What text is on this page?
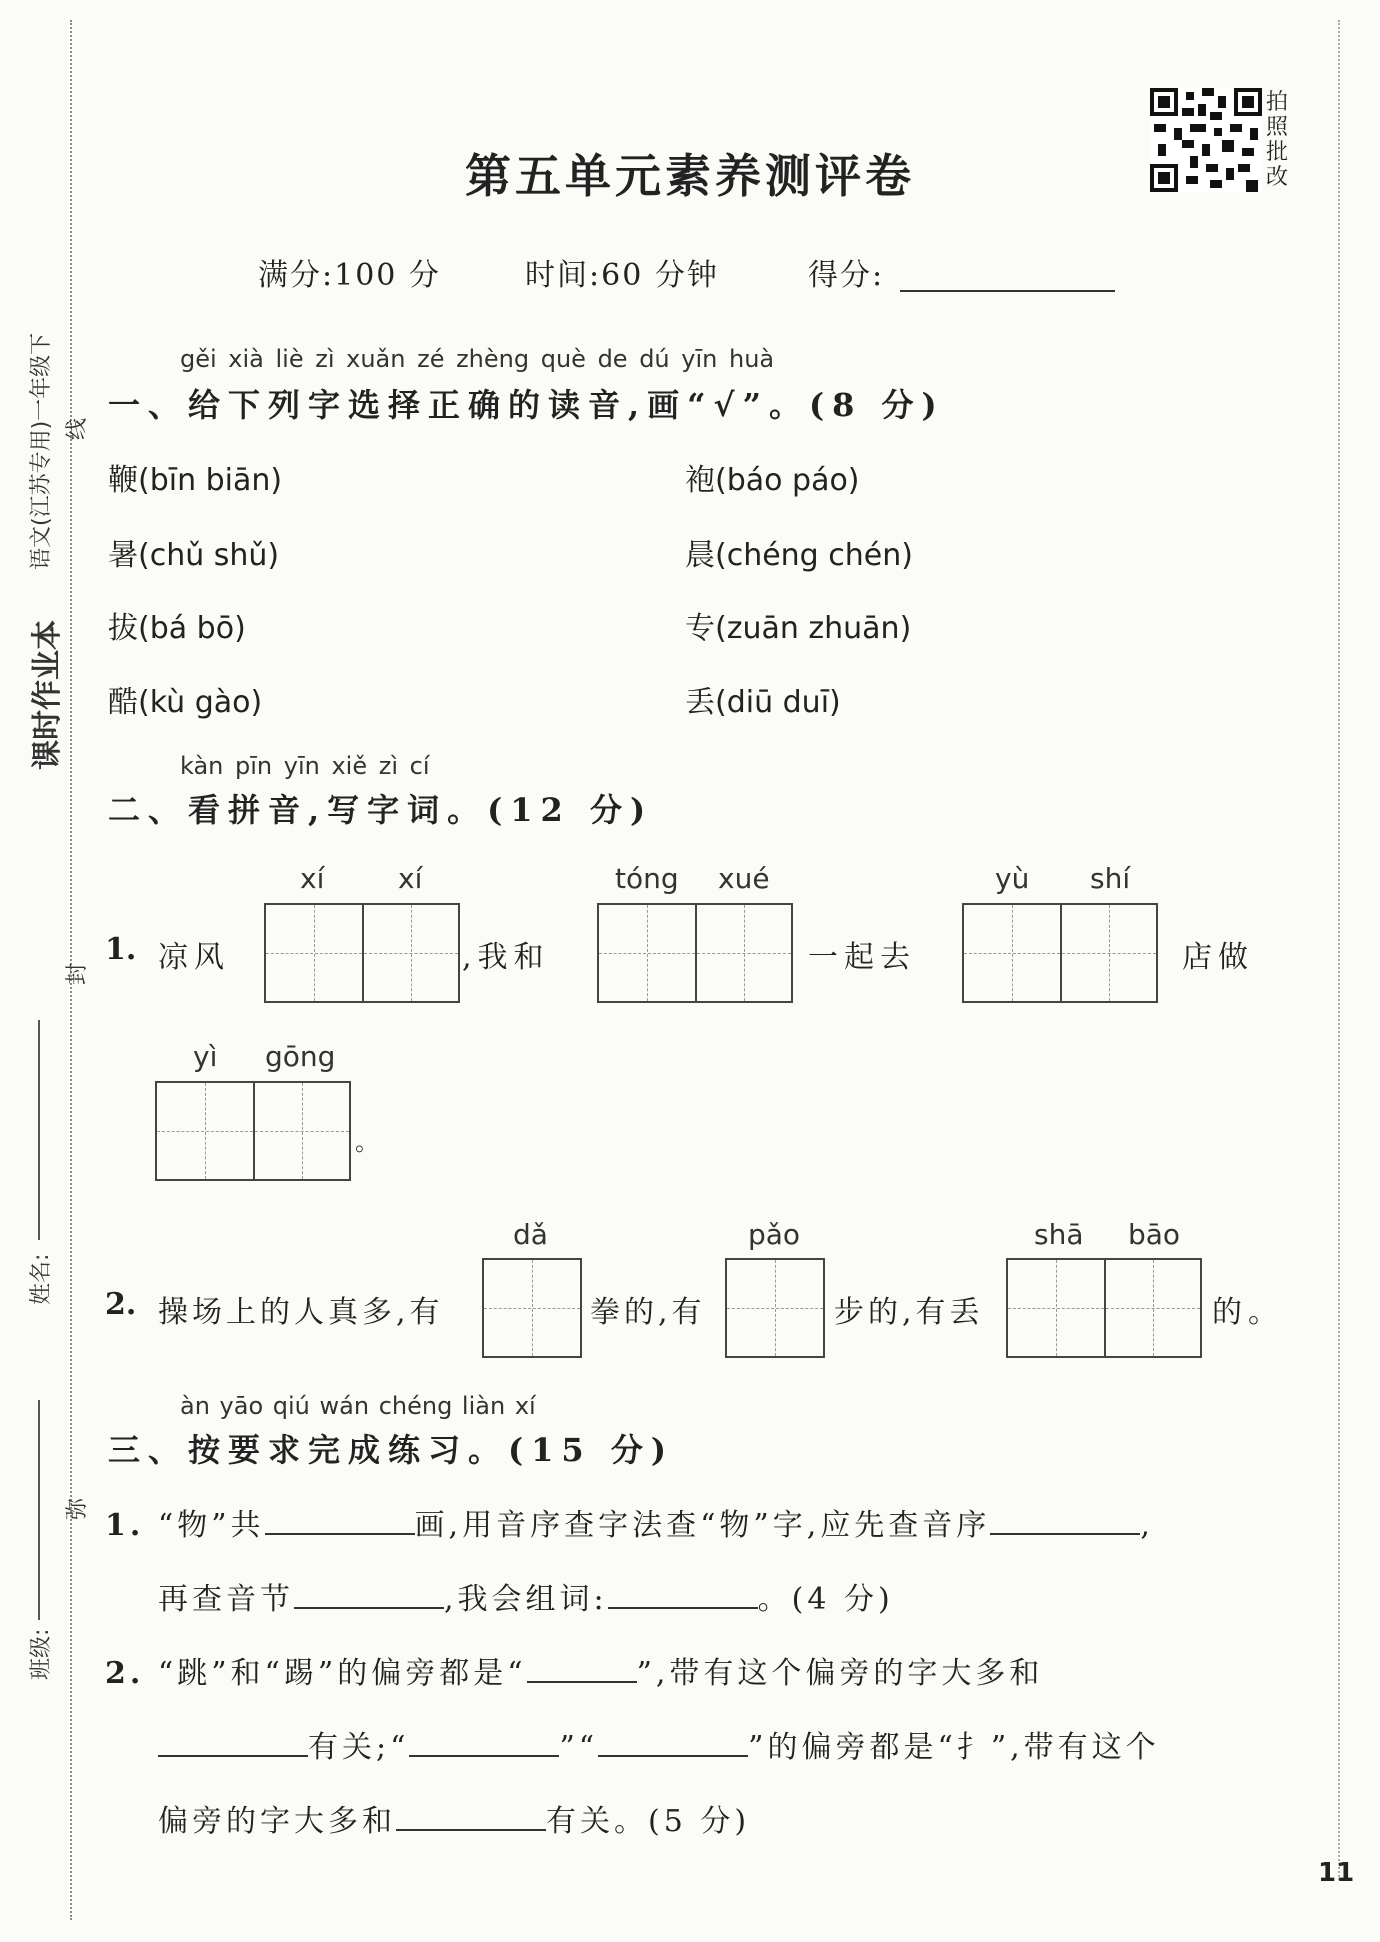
课时作业本
语文(江苏专用)一年级下 线
封
弥
姓名:
班级:
拍
照
批
改
第五单元素养测评卷
满分:100 分	时间:60 分钟	得分:
gěi xià liè zì xuǎn zé zhèng què de dú yīn huà
一、给下列字选择正确的读音,画“√”。(8 分)
鞭(bīn biān)	袍(báo páo)
暑(chǔ shǔ)	晨(chéng chén)
拔(bá bō)	专(zuān zhuān)
酷(kù gào)	丢(diū duī)
kàn pīn yīn xiě zì cí
二、看拼音,写字词。(12 分)
xí	xí	tóng xué	yù shí
1. 凉风	,我和	一起去	店做
yì gōng
。
dǎ	pǎo	shā bāo
2. 操场上的人真多,有	拳的,有	步的,有丢	的。
àn yāo qiú wán chéng liàn xí
三、按要求完成练习。(15 分)
1. “物”共	画,用音序查字法查“物”字,应先查音序	,
再查音节	,我会组词:	。(4 分)
2. “跳”和“踢”的偏旁都是“	”,带有这个偏旁的字大多和
有关;“	”“	”的偏旁都是“扌”,带有这个
偏旁的字大多和	有关。(5 分)
11
